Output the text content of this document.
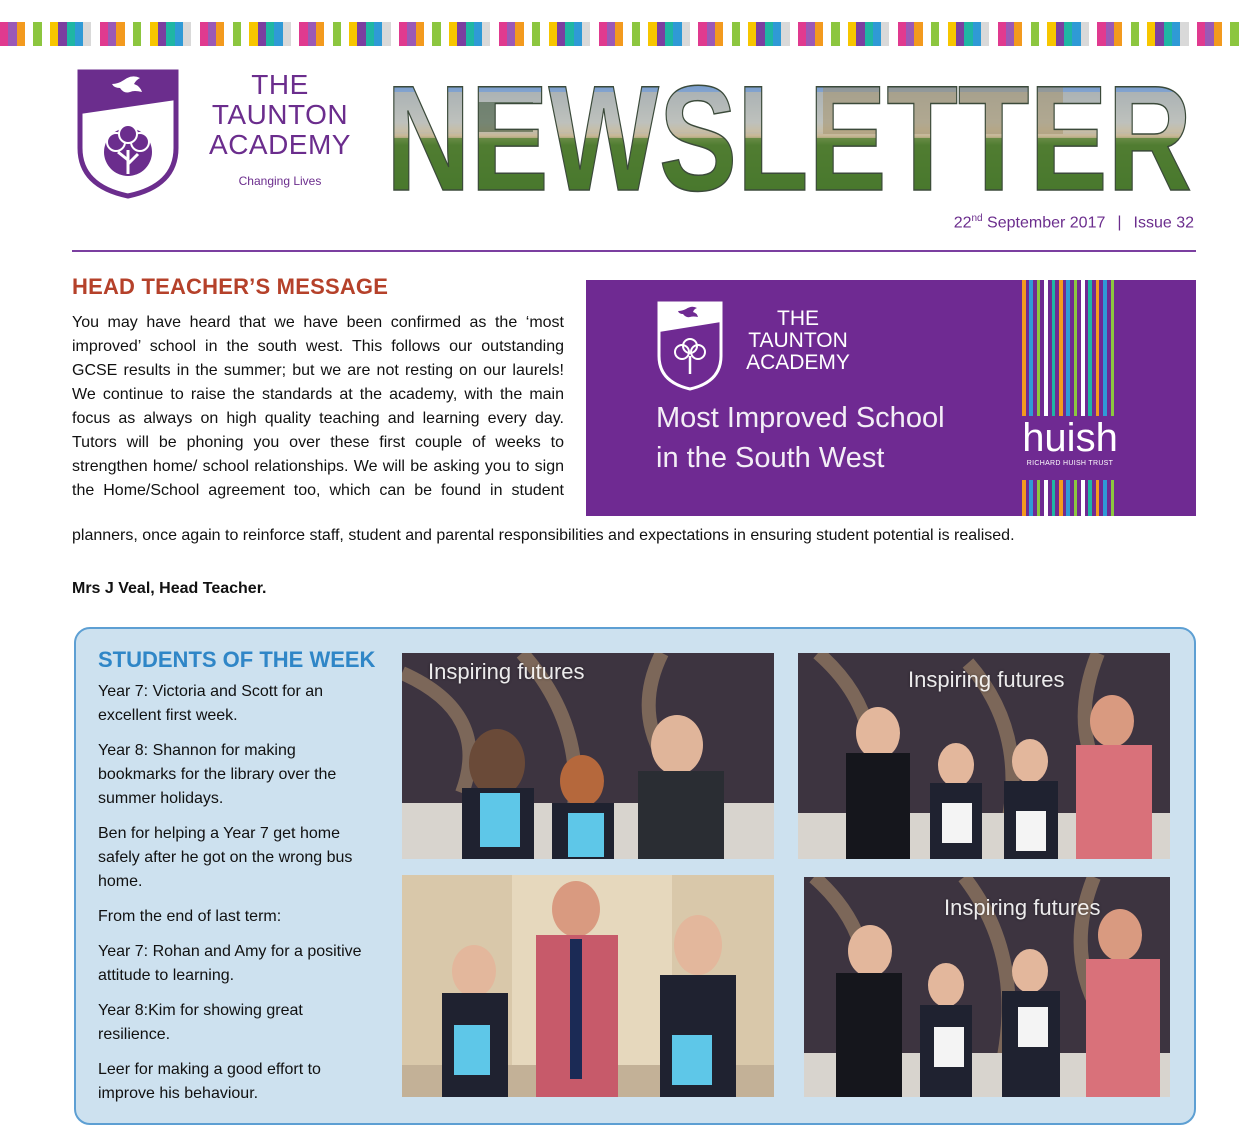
THE
TAUNTON
ACADEMY
Changing Lives NEWSLETTER
22nd September 2017 | Issue 32
HEAD TEACHER’S MESSAGE
You may have heard that we have been confirmed as the ‘most improved’ school in the south west. This follows our outstanding GCSE results in the summer; but we are not resting on our laurels! We continue to raise the standards at the academy, with the main focus as always on high quality teaching and learning every day. Tutors will be phoning you over these first couple of weeks to strengthen home/ school relationships. We will be asking you to sign the Home/School agreement too, which can be found in student
planners, once again to reinforce staff, student and parental responsibilities and expectations in ensuring student potential is realised.
Mrs J Veal, Head Teacher.
THE
TAUNTON
ACADEMY
Most Improved School
in the South West	huish
RICHARD HUISH TRUST
STUDENTS OF THE WEEK

Year 7: Victoria and Scott for an excellent first week.

Year 8: Shannon for making bookmarks for the library over the summer holidays.

Ben for helping a Year 7 get home safely after he got on the wrong bus home.

From the end of last term:

Year 7: Rohan and Amy for a positive attitude to learning.

Year 8:Kim for showing great resilience.

Leer for making a good effort to improve his behaviour.

Inspiring futures	Inspiring futures
Inspiring futures
